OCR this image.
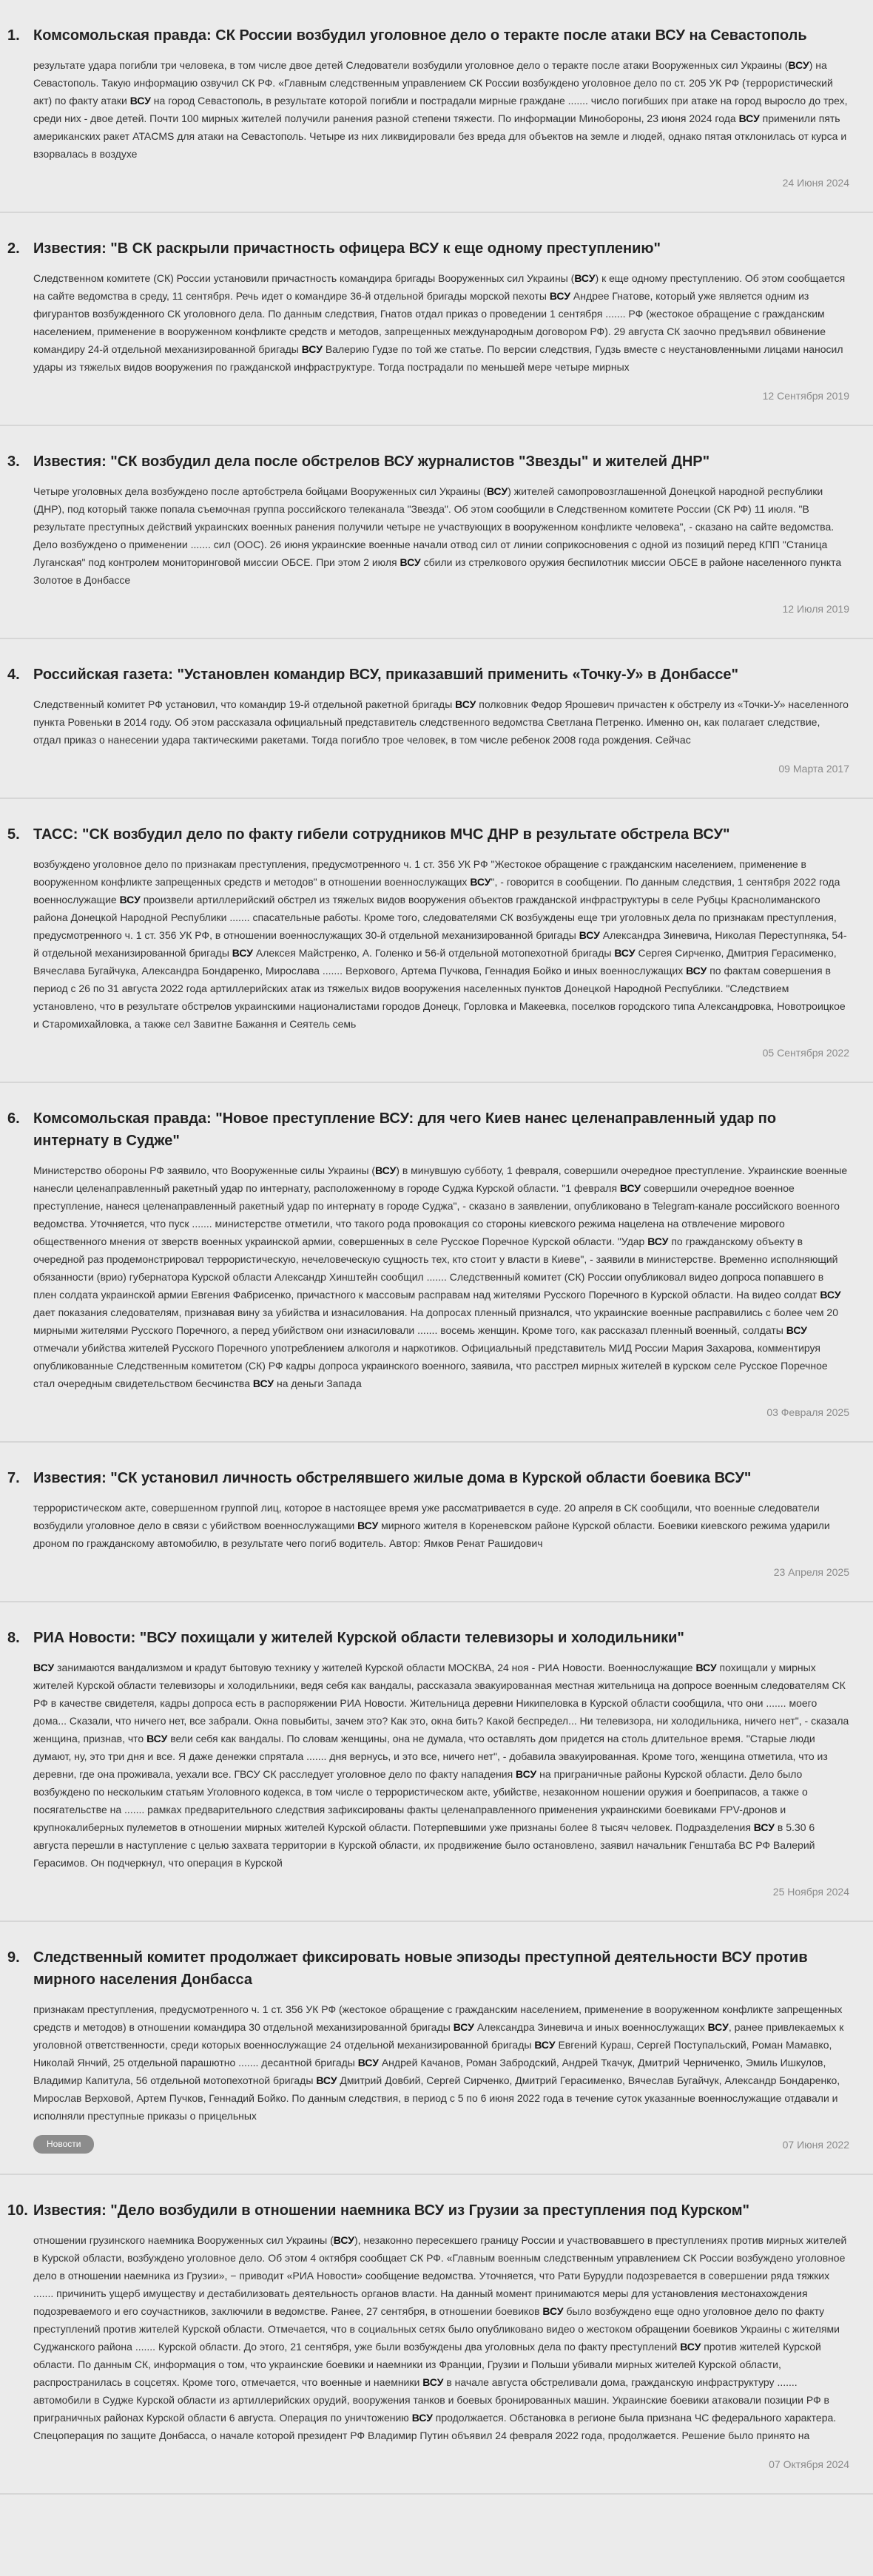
1. Комсомольская правда: СК России возбудил уголовное дело о теракте после атаки ВСУ на Севастополь
результате удара погибли три человека, в том числе двое детей Следователи возбудили уголовное дело о теракте после атаки Вооруженных сил Украины (ВСУ) на Севастополь. Такую информацию озвучил СК РФ. «Главным следственным управлением СК России возбуждено уголовное дело по ст. 205 УК РФ (террористический акт) по факту атаки ВСУ на город Севастополь, в результате которой погибли и пострадали мирные граждане ....... число погибших при атаке на город выросло до трех, среди них - двое детей. Почти 100 мирных жителей получили ранения разной степени тяжести. По информации Минобороны, 23 июня 2024 года ВСУ применили пять американских ракет ATACMS для атаки на Севастополь. Четыре из них ликвидировали без вреда для объектов на земле и людей, однако пятая отклонилась от курса и взорвалась в воздухе
24 Июня 2024
2. Известия: "В СК раскрыли причастность офицера ВСУ к еще одному преступлению"
Следственном комитете (СК) России установили причастность командира бригады Вооруженных сил Украины (ВСУ) к еще одному преступлению. Об этом сообщается на сайте ведомства в среду, 11 сентября. Речь идет о командире 36-й отдельной бригады морской пехоты ВСУ Андрее Гнатове, который уже является одним из фигурантов возбужденного СК уголовного дела. По данным следствия, Гнатов отдал приказ о проведении 1 сентября ....... РФ (жестокое обращение с гражданским населением, применение в вооруженном конфликте средств и методов, запрещенных международным договором РФ). 29 августа СК заочно предъявил обвинение командиру 24-й отдельной механизированной бригады ВСУ Валерию Гудзе по той же статье. По версии следствия, Гудзь вместе с неустановленными лицами наносил удары из тяжелых видов вооружения по гражданской инфраструктуре. Тогда пострадали по меньшей мере четыре мирных
12 Сентября 2019
3. Известия: "СК возбудил дела после обстрелов ВСУ журналистов "Звезды" и жителей ДНР"
Четыре уголовных дела возбуждено после артобстрела бойцами Вооруженных сил Украины (ВСУ) жителей самопровозглашенной Донецкой народной республики (ДНР), под который также попала съемочная группа российского телеканала "Звезда". Об этом сообщили в Следственном комитете России (СК РФ) 11 июля. "В результате преступных действий украинских военных ранения получили четыре не участвующих в вооруженном конфликте человека", - сказано на сайте ведомства. Дело возбуждено о применении ....... сил (ООС). 26 июня украинские военные начали отвод сил от линии соприкосновения с одной из позиций перед КПП "Станица Луганская" под контролем мониторинговой миссии ОБСЕ. При этом 2 июля ВСУ сбили из стрелкового оружия беспилотник миссии ОБСЕ в районе населенного пункта Золотое в Донбассе
12 Июля 2019
4. Российская газета: "Установлен командир ВСУ, приказавший применить «Точку-У» в Донбассе"
Следственный комитет РФ установил, что командир 19-й отдельной ракетной бригады ВСУ полковник Федор Ярошевич причастен к обстрелу из «Точки-У» населенного пункта Ровеньки в 2014 году. Об этом рассказала официальный представитель следственного ведомства Светлана Петренко. Именно он, как полагает следствие, отдал приказ о нанесении удара тактическими ракетами. Тогда погибло трое человек, в том числе ребенок 2008 года рождения. Сейчас
09 Марта 2017
5. ТАСС: "СК возбудил дело по факту гибели сотрудников МЧС ДНР в результате обстрела ВСУ"
возбуждено уголовное дело по признакам преступления, предусмотренного ч. 1 ст. 356 УК РФ "Жестокое обращение с гражданским населением, применение в вооруженном конфликте запрещенных средств и методов" в отношении военнослужащих ВСУ", - говорится в сообщении. По данным следствия, 1 сентября 2022 года военнослужащие ВСУ произвели артиллерийский обстрел из тяжелых видов вооружения объектов гражданской инфраструктуры в селе Рубцы Краснолиманского района Донецкой Народной Республики ....... спасательные работы. Кроме того, следователями СК возбуждены еще три уголовных дела по признакам преступления, предусмотренного ч. 1 ст. 356 УК РФ, в отношении военнослужащих 30-й отдельной механизированной бригады ВСУ Александра Зиневича, Николая Переступняка, 54-й отдельной механизированной бригады ВСУ Алексея Майстренко, А. Голенко и 56-й отдельной мотопехотной бригады ВСУ Сергея Сирченко, Дмитрия Герасименко, Вячеслава Бугайчука, Александра Бондаренко, Мирослава ....... Верхового, Артема Пучкова, Геннадия Бойко и иных военнослужащих ВСУ по фактам совершения в период с 26 по 31 августа 2022 года артиллерийских атак из тяжелых видов вооружения населенных пунктов Донецкой Народной Республики. "Следствием установлено, что в результате обстрелов украинскими националистами городов Донецк, Горловка и Макеевка, поселков городского типа Александровка, Новотроицкое и Старомихайловка, а также сел Завитне Бажання и Сеятель семь
05 Сентября 2022
6. Комсомольская правда: "Новое преступление ВСУ: для чего Киев нанес целенаправленный удар по интернату в Судже"
Министерство обороны РФ заявило, что Вооруженные силы Украины (ВСУ) в минувшую субботу, 1 февраля, совершили очередное преступление. Украинские военные нанесли целенаправленный ракетный удар по интернату, расположенному в городе Суджа Курской области. "1 февраля ВСУ совершили очередное военное преступление, нанеся целенаправленный ракетный удар по интернату в городе Суджа", - сказано в заявлении, опубликовано в Telegram-канале российского военного ведомства. Уточняется, что пуск ....... министерстве отметили, что такого рода провокация со стороны киевского режима нацелена на отвлечение мирового общественного мнения от зверств военных украинской армии, совершенных в селе Русское Поречное Курской области. "Удар ВСУ по гражданскому объекту в очередной раз продемонстрировал террористическую, нечеловеческую сущность тех, кто стоит у власти в Киеве", - заявили в министерстве. Временно исполняющий обязанности (врио) губернатора Курской области Александр Хинштейн сообщил ....... Следственный комитет (СК) России опубликовал видео допроса попавшего в плен солдата украинской армии Евгения Фабрисенко, причастного к массовым расправам над жителями Русского Поречного в Курской области. На видео солдат ВСУ дает показания следователям, признавая вину за убийства и изнасилования. На допросах пленный признался, что украинские военные расправились с более чем 20 мирными жителями Русского Поречного, а перед убийством они изнасиловали ....... восемь женщин. Кроме того, как рассказал пленный военный, солдаты ВСУ отмечали убийства жителей Русского Поречного употреблением алкоголя и наркотиков. Официальный представитель МИД России Мария Захарова, комментируя опубликованные Следственным комитетом (СК) РФ кадры допроса украинского военного, заявила, что расстрел мирных жителей в курском селе Русское Поречное стал очередным свидетельством бесчинства ВСУ на деньги Запада
03 Февраля 2025
7. Известия: "СК установил личность обстрелявшего жилые дома в Курской области боевика ВСУ"
террористическом акте, совершенном группой лиц, которое в настоящее время уже рассматривается в суде. 20 апреля в СК сообщили, что военные следователи возбудили уголовное дело в связи с убийством военнослужащими ВСУ мирного жителя в Кореневском районе Курской области. Боевики киевского режима ударили дроном по гражданскому автомобилю, в результате чего погиб водитель. Автор: Ямков Ренат Рашидович
23 Апреля 2025
8. РИА Новости: "ВСУ похищали у жителей Курской области телевизоры и холодильники"
ВСУ занимаются вандализмом и крадут бытовую технику у жителей Курской области МОСКВА, 24 ноя - РИА Новости. Военнослужащие ВСУ похищали у мирных жителей Курской области телевизоры и холодильники, ведя себя как вандалы, рассказала эвакуированная местная жительница на допросе военным следователям СК РФ в качестве свидетеля, кадры допроса есть в распоряжении РИА Новости. Жительница деревни Никипеловка в Курской области сообщила, что они ....... моего дома... Сказали, что ничего нет, все забрали. Окна повыбиты, зачем это? Как это, окна бить? Какой беспредел... Ни телевизора, ни холодильника, ничего нет", - сказала женщина, признав, что ВСУ вели себя как вандалы. По словам женщины, она не думала, что оставлять дом придется на столь длительное время. "Старые люди думают, ну, это три дня и все. Я даже денежки спрятала ....... дня вернусь, и это все, ничего нет", - добавила эвакуированная. Кроме того, женщина отметила, что из деревни, где она проживала, уехали все. ГВСУ СК расследует уголовное дело по факту нападения ВСУ на приграничные районы Курской области. Дело было возбуждено по нескольким статьям Уголовного кодекса, в том числе о террористическом акте, убийстве, незаконном ношении оружия и боеприпасов, а также о посягательстве на ....... рамках предварительного следствия зафиксированы факты целенаправленного применения украинскими боевиками FPV-дронов и крупнокалиберных пулеметов в отношении мирных жителей Курской области. Потерпевшими уже признаны более 8 тысяч человек. Подразделения ВСУ в 5.30 6 августа перешли в наступление с целью захвата территории в Курской области, их продвижение было остановлено, заявил начальник Генштаба ВС РФ Валерий Герасимов. Он подчеркнул, что операция в Курской
25 Ноября 2024
9. Следственный комитет продолжает фиксировать новые эпизоды преступной деятельности ВСУ против мирного населения Донбасса
признакам преступления, предусмотренного ч. 1 ст. 356 УК РФ (жестокое обращение с гражданским населением, применение в вооруженном конфликте запрещенных средств и методов) в отношении командира 30 отдельной механизированной бригады ВСУ Александра Зиневича и иных военнослужащих ВСУ, ранее привлекаемых к уголовной ответственности, среди которых военнослужащие 24 отдельной механизированной бригады ВСУ Евгений Кураш, Сергей Поступальский, Роман Мамавко, Николай Янчий, 25 отдельной парашютно ....... десантной бригады ВСУ Андрей Качанов, Роман Забродский, Андрей Ткачук, Дмитрий Черниченко, Эмиль Ишкулов, Владимир Капитула, 56 отдельной мотопехотной бригады ВСУ Дмитрий Довбий, Сергей Сирченко, Дмитрий Герасименко, Вячеслав Бугайчук, Александр Бондаренко, Мирослав Верховой, Артем Пучков, Геннадий Бойко. По данным следствия, в период с 5 по 6 июня 2022 года в течение суток указанные военнослужащие отдавали и исполняли преступные приказы о прицельных
Новости	07 Июня 2022
10. Известия: "Дело возбудили в отношении наемника ВСУ из Грузии за преступления под Курском"
отношении грузинского наемника Вооруженных сил Украины (ВСУ), незаконно пересекшего границу России и участвовавшего в преступлениях против мирных жителей в Курской области, возбуждено уголовное дело. Об этом 4 октября сообщает СК РФ. «Главным военным следственным управлением СК России возбуждено уголовное дело в отношении наемника из Грузии», − приводит «РИА Новости» сообщение ведомства. Уточняется, что Рати Бурудли подозревается в совершении ряда тяжких ....... причинить ущерб имуществу и дестабилизовать деятельность органов власти. На данный момент принимаются меры для установления местонахождения подозреваемого и его соучастников, заключили в ведомстве. Ранее, 27 сентября, в отношении боевиков ВСУ было возбуждено еще одно уголовное дело по факту преступлений против жителей Курской области. Отмечается, что в социальных сетях было опубликовано видео о жестоком обращении боевиков Украины с жителями Суджанского района ....... Курской области. До этого, 21 сентября, уже были возбуждены два уголовных дела по факту преступлений ВСУ против жителей Курской области. По данным СК, информация о том, что украинские боевики и наемники из Франции, Грузии и Польши убивали мирных жителей Курской области, распространилась в соцсетях. Кроме того, отмечается, что военные и наемники ВСУ в начале августа обстреливали дома, гражданскую инфраструктуру ....... автомобили в Судже Курской области из артиллерийских орудий, вооружения танков и боевых бронированных машин. Украинские боевики атаковали позиции РФ в приграничных районах Курской области 6 августа. Операция по уничтожению ВСУ продолжается. Обстановка в регионе была признана ЧС федерального характера. Спецоперация по защите Донбасса, о начале которой президент РФ Владимир Путин объявил 24 февраля 2022 года, продолжается. Решение было принято на
07 Октября 2024
